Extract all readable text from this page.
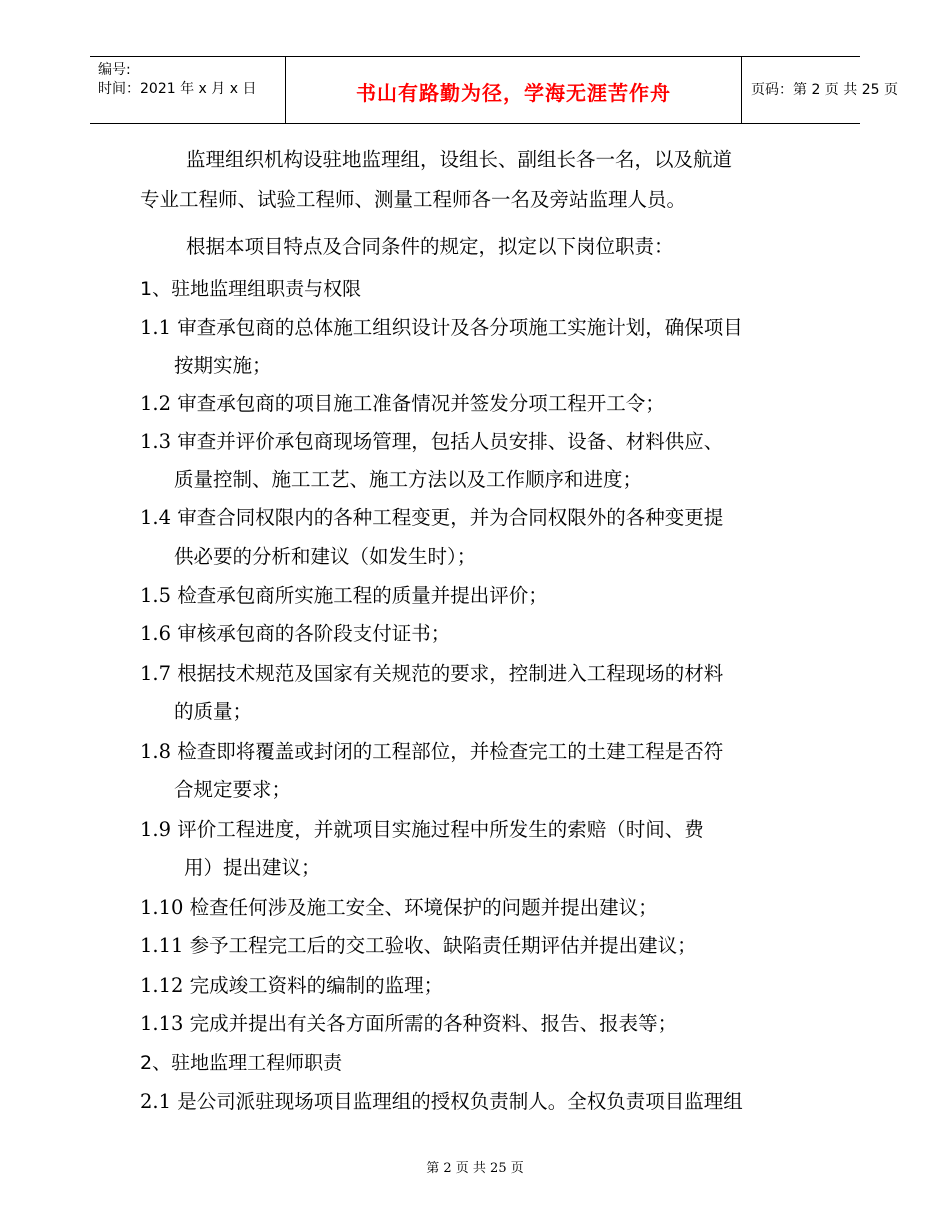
编号:
时间：2021 年 x 月 x 日	书山有路勤为径，学海无涯苦作舟	页码：第 2 页 共 25 页
监理组织机构设驻地监理组，设组长、副组长各一名，以及航道
专业工程师、试验工程师、测量工程师各一名及旁站监理人员。
根据本项目特点及合同条件的规定，拟定以下岗位职责：
1、驻地监理组职责与权限
1.1 审查承包商的总体施工组织设计及各分项施工实施计划，确保项目
按期实施；
1.2 审查承包商的项目施工准备情况并签发分项工程开工令；
1.3 审查并评价承包商现场管理，包括人员安排、设备、材料供应、
质量控制、施工工艺、施工方法以及工作顺序和进度；
1.4 审查合同权限内的各种工程变更，并为合同权限外的各种变更提
供必要的分析和建议（如发生时）；
1.5 检查承包商所实施工程的质量并提出评价；
1.6 审核承包商的各阶段支付证书；
1.7 根据技术规范及国家有关规范的要求，控制进入工程现场的材料
的质量；
1.8 检查即将覆盖或封闭的工程部位，并检查完工的土建工程是否符
合规定要求；
1.9 评价工程进度，并就项目实施过程中所发生的索赔（时间、费
用）提出建议；
1.10 检查任何涉及施工安全、环境保护的问题并提出建议；
1.11 参予工程完工后的交工验收、缺陷责任期评估并提出建议；
1.12 完成竣工资料的编制的监理；
1.13 完成并提出有关各方面所需的各种资料、报告、报表等；
2、驻地监理工程师职责
2.1 是公司派驻现场项目监理组的授权负责制人。全权负责项目监理组
第 2 页 共 25 页
